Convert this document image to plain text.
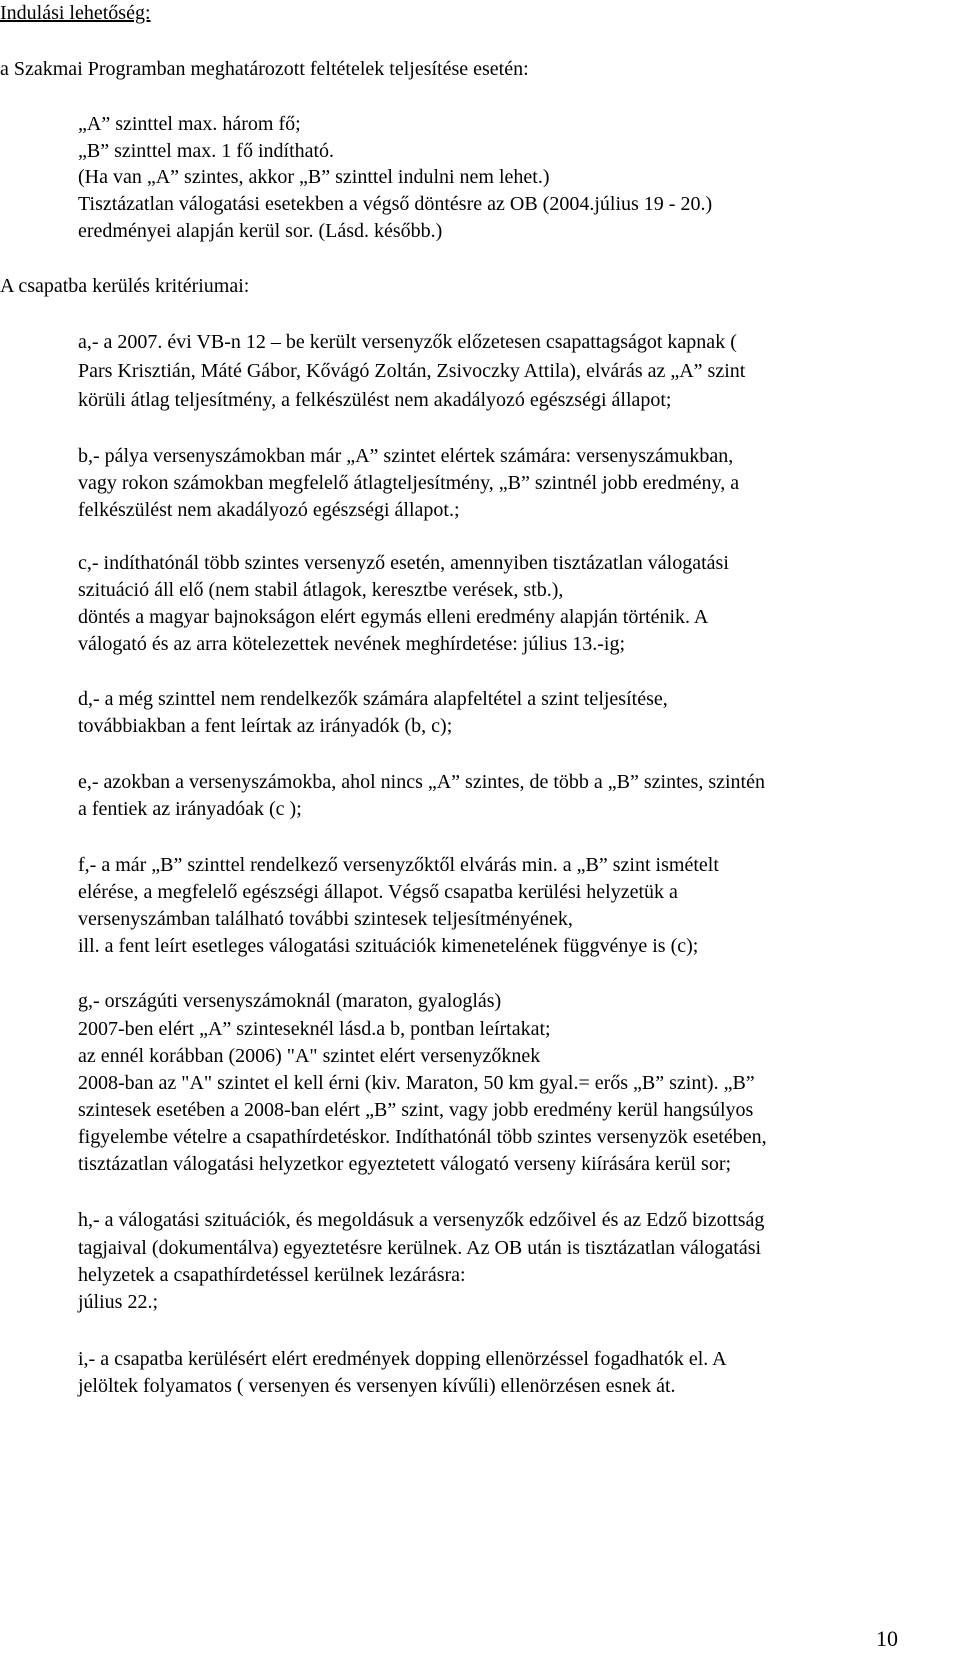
Indulási lehetőség:
a Szakmai Programban meghatározott feltételek teljesítése esetén:
„A” szinttel max. három fő;
„B” szinttel max. 1 fő indítható.
(Ha van „A” szintes, akkor „B” szinttel indulni nem lehet.)
Tisztázatlan válogatási esetekben a végső döntésre az OB (2004.július 19 - 20.)
eredményei alapján kerül sor. (Lásd. később.)
A csapatba kerülés kritériumai:
a,- a 2007. évi VB-n 12 – be került versenyzők előzetesen csapattagságot kapnak (
Pars Krisztián, Máté Gábor, Kővágó Zoltán, Zsivoczky Attila), elvárás az „A” szint
körüli átlag teljesítmény, a felkészülést nem akadályozó egészségi állapot;
b,- pálya versenyszámokban már „A” szintet elértek számára: versenyszámukban,
vagy rokon számokban megfelelő átlagteljesítmény, „B” szintnél jobb eredmény, a
felkészülést nem akadályozó egészségi állapot.;
c,- indíthatónál több szintes versenyző esetén, amennyiben tisztázatlan válogatási
szituáció áll elő (nem stabil átlagok, keresztbe verések, stb.),
döntés a magyar bajnokságon elért egymás elleni eredmény alapján történik. A
válogató és az arra kötelezettek nevének meghírdetése: július 13.-ig;
d,- a még szinttel nem rendelkezők számára alapfeltétel a szint teljesítése,
továbbiakban a fent leírtak az irányadók (b, c);
e,- azokban a versenyszámokba, ahol nincs „A” szintes, de több a „B” szintes, szintén
a fentiek az irányadóak (c );
f,- a már „B” szinttel rendelkező versenyzőktől elvárás min. a „B” szint ismételt
elérése, a megfelelő egészségi állapot. Végső csapatba kerülési helyzetük a
versenyszámban található további szintesek teljesítményének,
ill. a fent leírt esetleges válogatási szituációk kimenetelének függvénye is (c);
g,- országúti versenyszámoknál (maraton, gyaloglás)
2007-ben elért „A” szinteseknél lásd.a b, pontban leírtakat;
az ennél korábban (2006) "A" szintet elért versenyzőknek
2008-ban az "A" szintet el kell érni (kiv. Maraton, 50 km gyal.= erős „B” szint). „B”
szintesek esetében a 2008-ban elért „B” szint, vagy jobb eredmény kerül hangsúlyos
figyelembe vételre a csapathírdetéskor. Indíthatónál több szintes versenyzök esetében,
tisztázatlan válogatási helyzetkor egyeztetett válogató verseny kiírására kerül sor;
h,- a válogatási szituációk, és megoldásuk a versenyzők edzőivel és az Edző bizottság
tagjaival (dokumentálva) egyeztetésre kerülnek. Az OB után is tisztázatlan válogatási
helyzetek a csapathírdetéssel kerülnek lezárásra:
július 22.;
i,- a csapatba kerülésért elért eredmények dopping ellenörzéssel fogadhatók el. A
jelöltek folyamatos ( versenyen és versenyen kívűli) ellenörzésen esnek át.
10
